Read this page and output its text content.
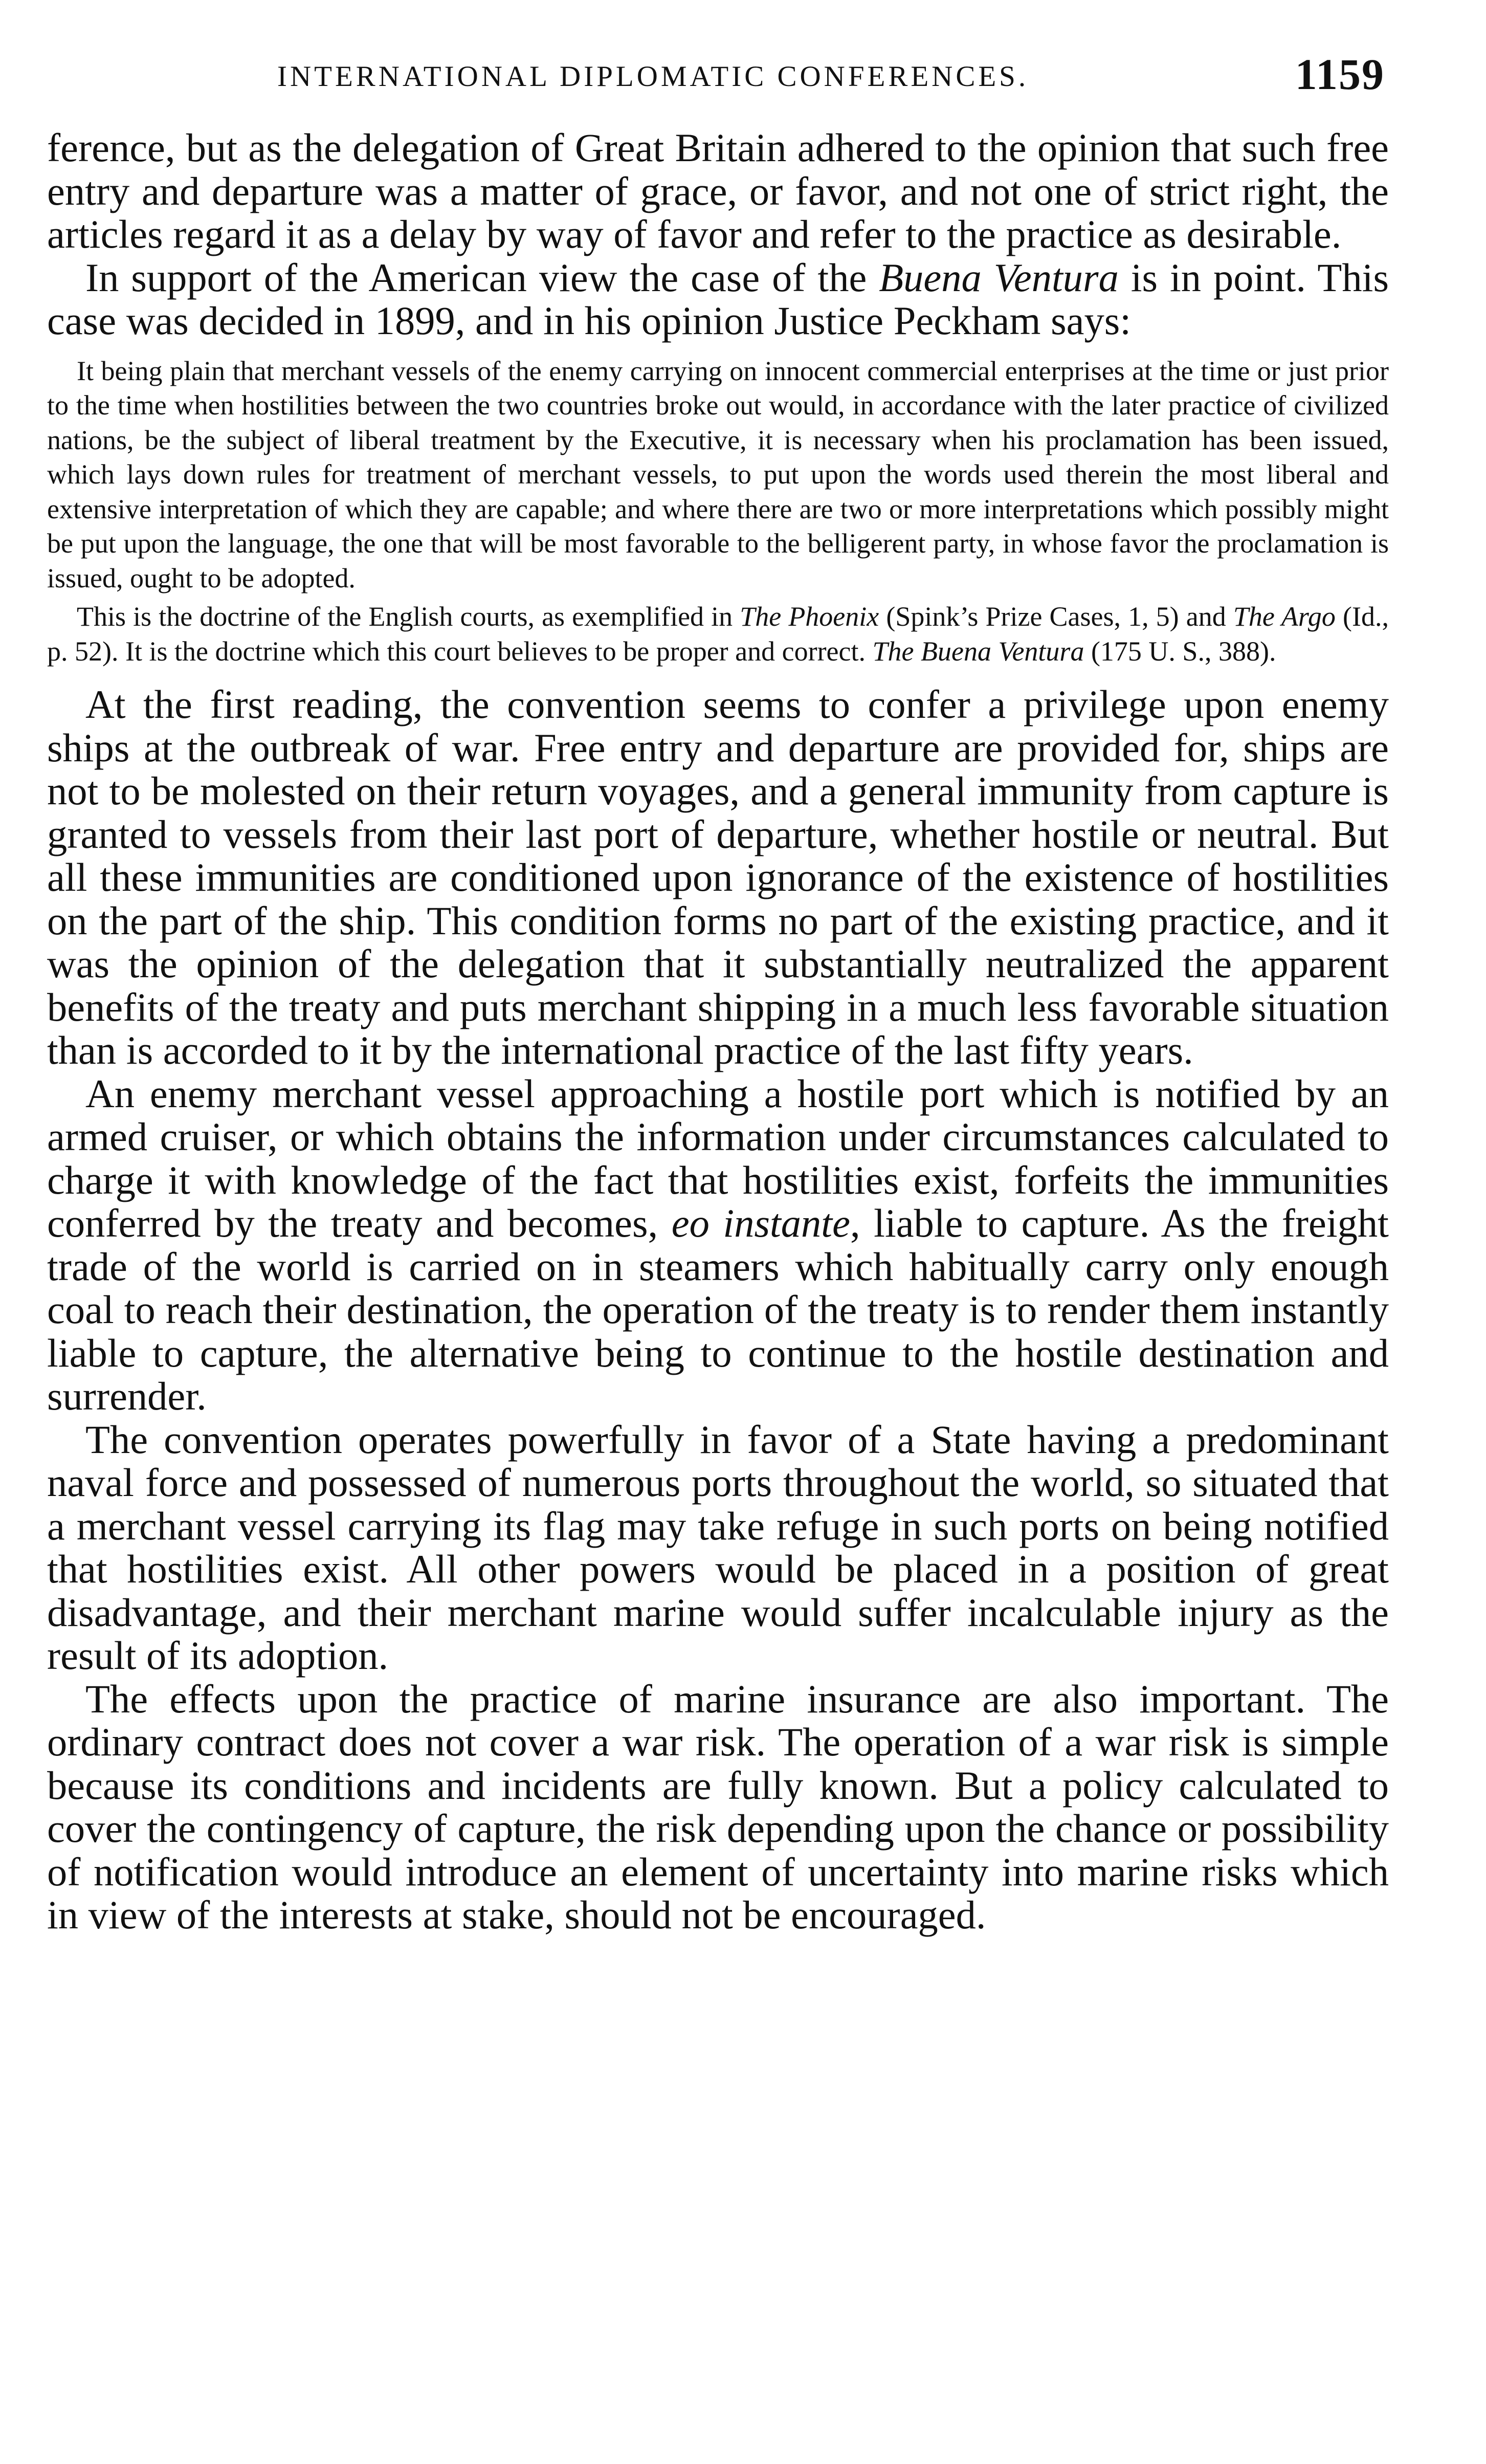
INTERNATIONAL DIPLOMATIC CONFERENCES.	1159

ference, but as the delegation of Great Britain adhered to the opinion that such free entry and departure was a matter of grace, or favor, and not one of strict right, the articles regard it as a delay by way of favor and refer to the practice as desirable.

In support of the American view the case of the Buena Ventura is in point. This case was decided in 1899, and in his opinion Justice Peckham says:

It being plain that merchant vessels of the enemy carrying on innocent commercial enterprises at the time or just prior to the time when hostilities between the two countries broke out would, in accordance with the later practice of civilized nations, be the subject of liberal treatment by the Executive, it is necessary when his proclamation has been issued, which lays down rules for treatment of merchant vessels, to put upon the words used therein the most liberal and extensive interpretation of which they are capable; and where there are two or more interpretations which possibly might be put upon the language, the one that will be most favorable to the belligerent party, in whose favor the proclamation is issued, ought to be adopted.

This is the doctrine of the English courts, as exemplified in The Phoenix (Spink’s Prize Cases, 1, 5) and The Argo (Id., p. 52). It is the doctrine which this court believes to be proper and correct. The Buena Ventura (175 U. S., 388).

At the first reading, the convention seems to confer a privilege upon enemy ships at the outbreak of war. Free entry and departure are provided for, ships are not to be molested on their return voyages, and a general immunity from capture is granted to vessels from their last port of departure, whether hostile or neutral. But all these immunities are conditioned upon ignorance of the existence of hostilities on the part of the ship. This condition forms no part of the existing practice, and it was the opinion of the delegation that it substantially neutralized the apparent benefits of the treaty and puts merchant shipping in a much less favorable situation than is accorded to it by the international practice of the last fifty years.

An enemy merchant vessel approaching a hostile port which is notified by an armed cruiser, or which obtains the information under circumstances calculated to charge it with knowledge of the fact that hostilities exist, forfeits the immunities conferred by the treaty and becomes, eo instante, liable to capture. As the freight trade of the world is carried on in steamers which habitually carry only enough coal to reach their destination, the operation of the treaty is to render them instantly liable to capture, the alternative being to continue to the hostile destination and surrender.

The convention operates powerfully in favor of a State having a predominant naval force and possessed of numerous ports throughout the world, so situated that a merchant vessel carrying its flag may take refuge in such ports on being notified that hostilities exist. All other powers would be placed in a position of great disadvantage, and their merchant marine would suffer incalculable injury as the result of its adoption.

The effects upon the practice of marine insurance are also important. The ordinary contract does not cover a war risk. The operation of a war risk is simple because its conditions and incidents are fully known. But a policy calculated to cover the contingency of capture, the risk depending upon the chance or possibility of notification would introduce an element of uncertainty into marine risks which in view of the interests at stake, should not be encouraged.
